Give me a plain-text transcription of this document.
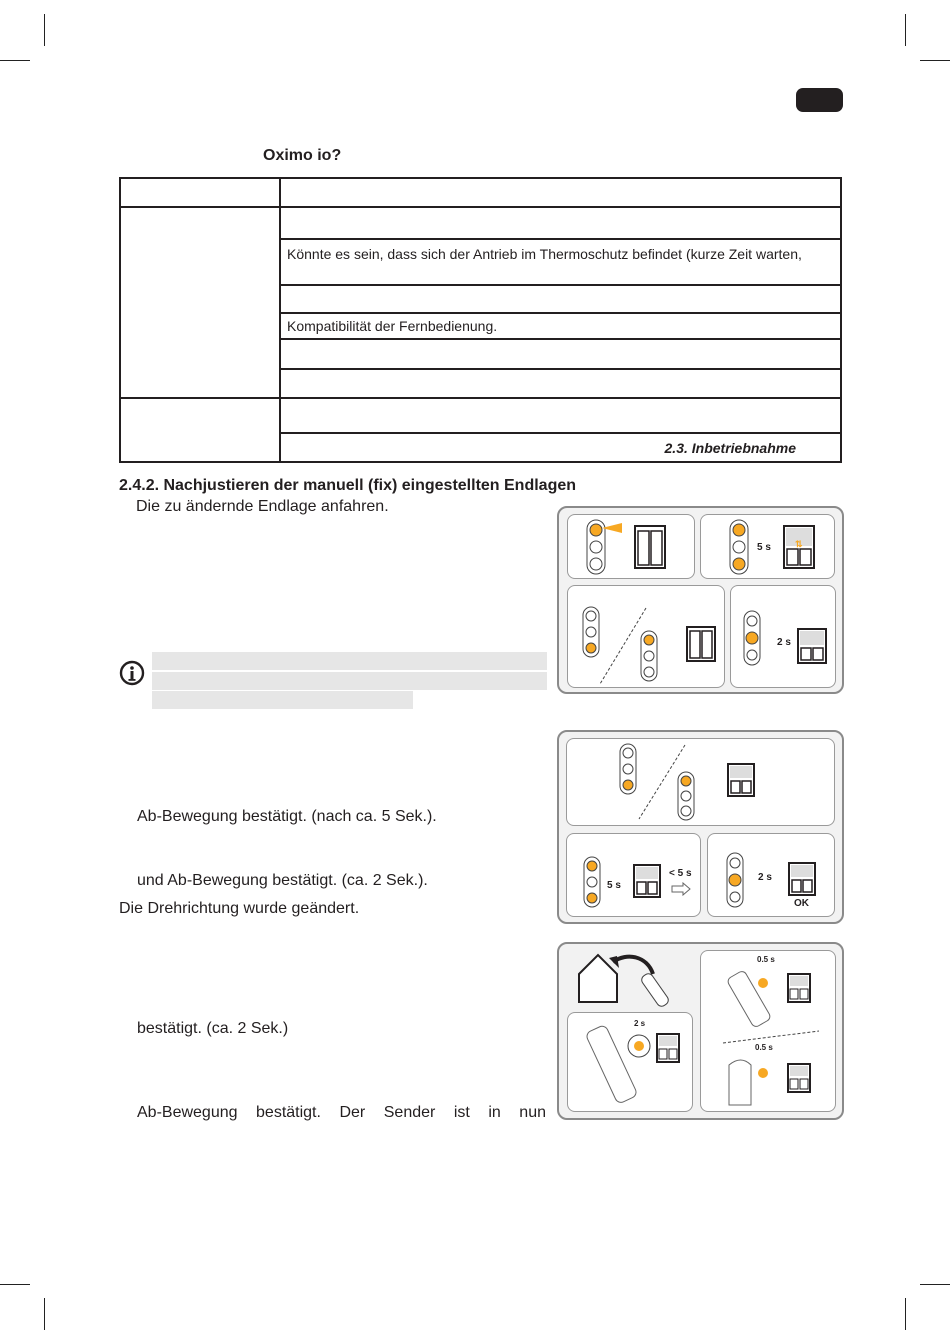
Oximo io?

	Könnte es sein, dass sich der Antrieb im Thermoschutz befindet (kurze Zeit warten,

	Kompatibilität der Fernbedienung.

	2.3. Inbetriebnahme
2.4.2. Nachjustieren der manuell (fix) eingestellten Endlagen
Die zu ändernde Endlage anfahren.
Ab-Bewegung bestätigt. (nach ca. 5 Sek.).
und Ab-Bewegung bestätigt. (ca. 2 Sek.).
Die Drehrichtung wurde geändert.
bestätigt. (ca. 2 Sek.)
Ab-Bewegung bestätigt. Der Sender ist in nun
5 s	⇅
2 s
5 s
< 5 s	2 s
OK
2 s
0.5 s
0.5 s
